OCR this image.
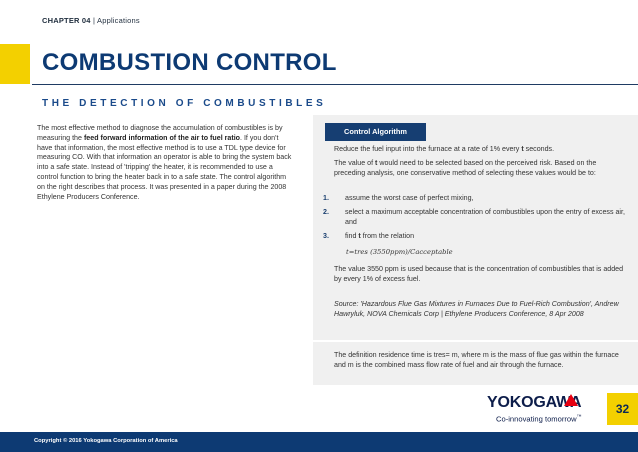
CHAPTER 04 | Applications
COMBUSTION CONTROL
THE DETECTION OF COMBUSTIBLES
The most effective method to diagnose the accumulation of combustibles is by measuring the feed forward information of the air to fuel ratio. If you don't have that information, the most effective method is to use a TDL type device for measuring CO. With that information an operator is able to bring the system back into a safe state. Instead of 'tripping' the heater, it is recommended to use a control function to bring the heater back in to a safe state. The control algorithm on the right describes that process. It was presented in a paper during the 2008 Ethylene Producers Conference.
Control Algorithm
Reduce the fuel input into the furnace at a rate of 1% every t seconds.
The value of t would need to be selected based on the perceived risk. Based on the preceding analysis, one conservative method of selecting these values would be to:
1. assume the worst case of perfect mixing,
2. select a maximum acceptable concentration of combustibles upon the entry of excess air, and
3. find t from the relation
t=tres (3550ppm)/Cacceptable
The value 3550 ppm is used because that is the concentration of combustibles that is added by every 1% of excess fuel.
Source: 'Hazardous Flue Gas Mixtures in Furnaces Due to Fuel-Rich Combustion', Andrew Hawryluk, NOVA Chemicals Corp | Ethylene Producers Conference, 8 Apr 2008
The definition residence time is tres= m, where m is the mass of flue gas within the furnace and m is the combined mass flow rate of fuel and air through the furnace.
YOKOGAWA
Co-innovating tomorrow™
32
Copyright © 2016 Yokogawa Corporation of America
